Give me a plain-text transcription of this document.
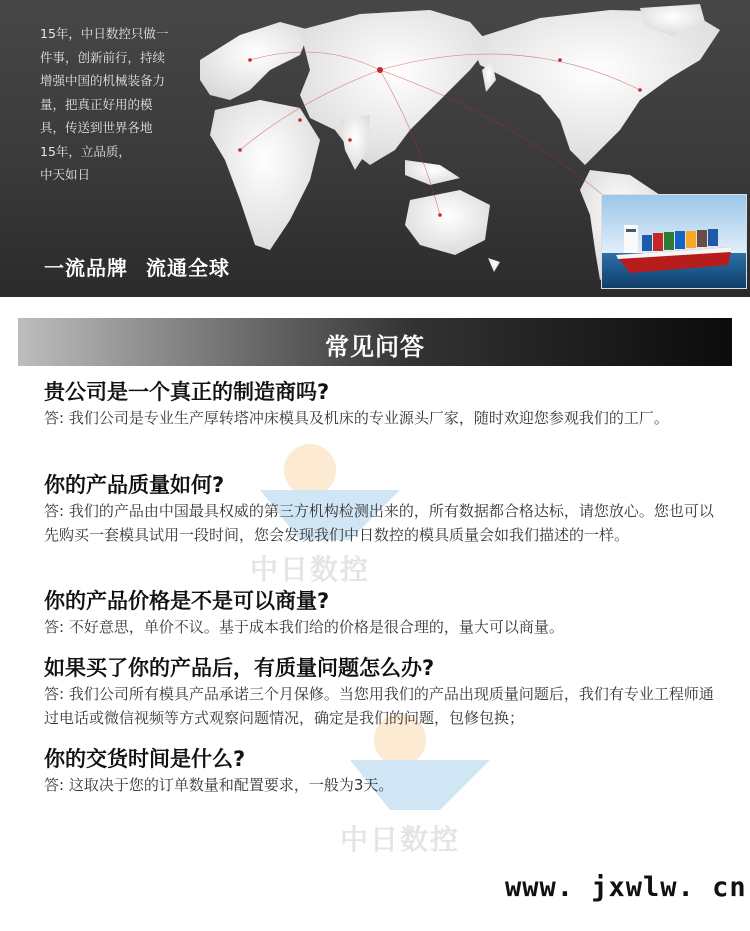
15年，中日数控只做一
件事，创新前行，持续
增强中国的机械装备力
量，把真正好用的模
具，传送到世界各地
15年，立品质，
中天如日

一流品牌 流通全球
常见问答
中日数控
中日数控

贵公司是一个真正的制造商吗?

答: 我们公司是专业生产厚转塔冲床模具及机床的专业源头厂家，随时欢迎您参观我们的工厂。

你的产品质量如何?

答: 我们的产品由中国最具权威的第三方机构检测出来的，所有数据都合格达标，请您放心。您也可以先购买一套模具试用一段时间，您会发现我们中日数控的模具质量会如我们描述的一样。

你的产品价格是不是可以商量?

答: 不好意思，单价不议。基于成本我们给的价格是很合理的，量大可以商量。

如果买了你的产品后，有质量问题怎么办?

答: 我们公司所有模具产品承诺三个月保修。当您用我们的产品出现质量问题后，我们有专业工程师通过电话或微信视频等方式观察问题情况，确定是我们的问题，包修包换；

你的交货时间是什么?

答: 这取决于您的订单数量和配置要求，一般为3天。

www. jxwlw. cn
